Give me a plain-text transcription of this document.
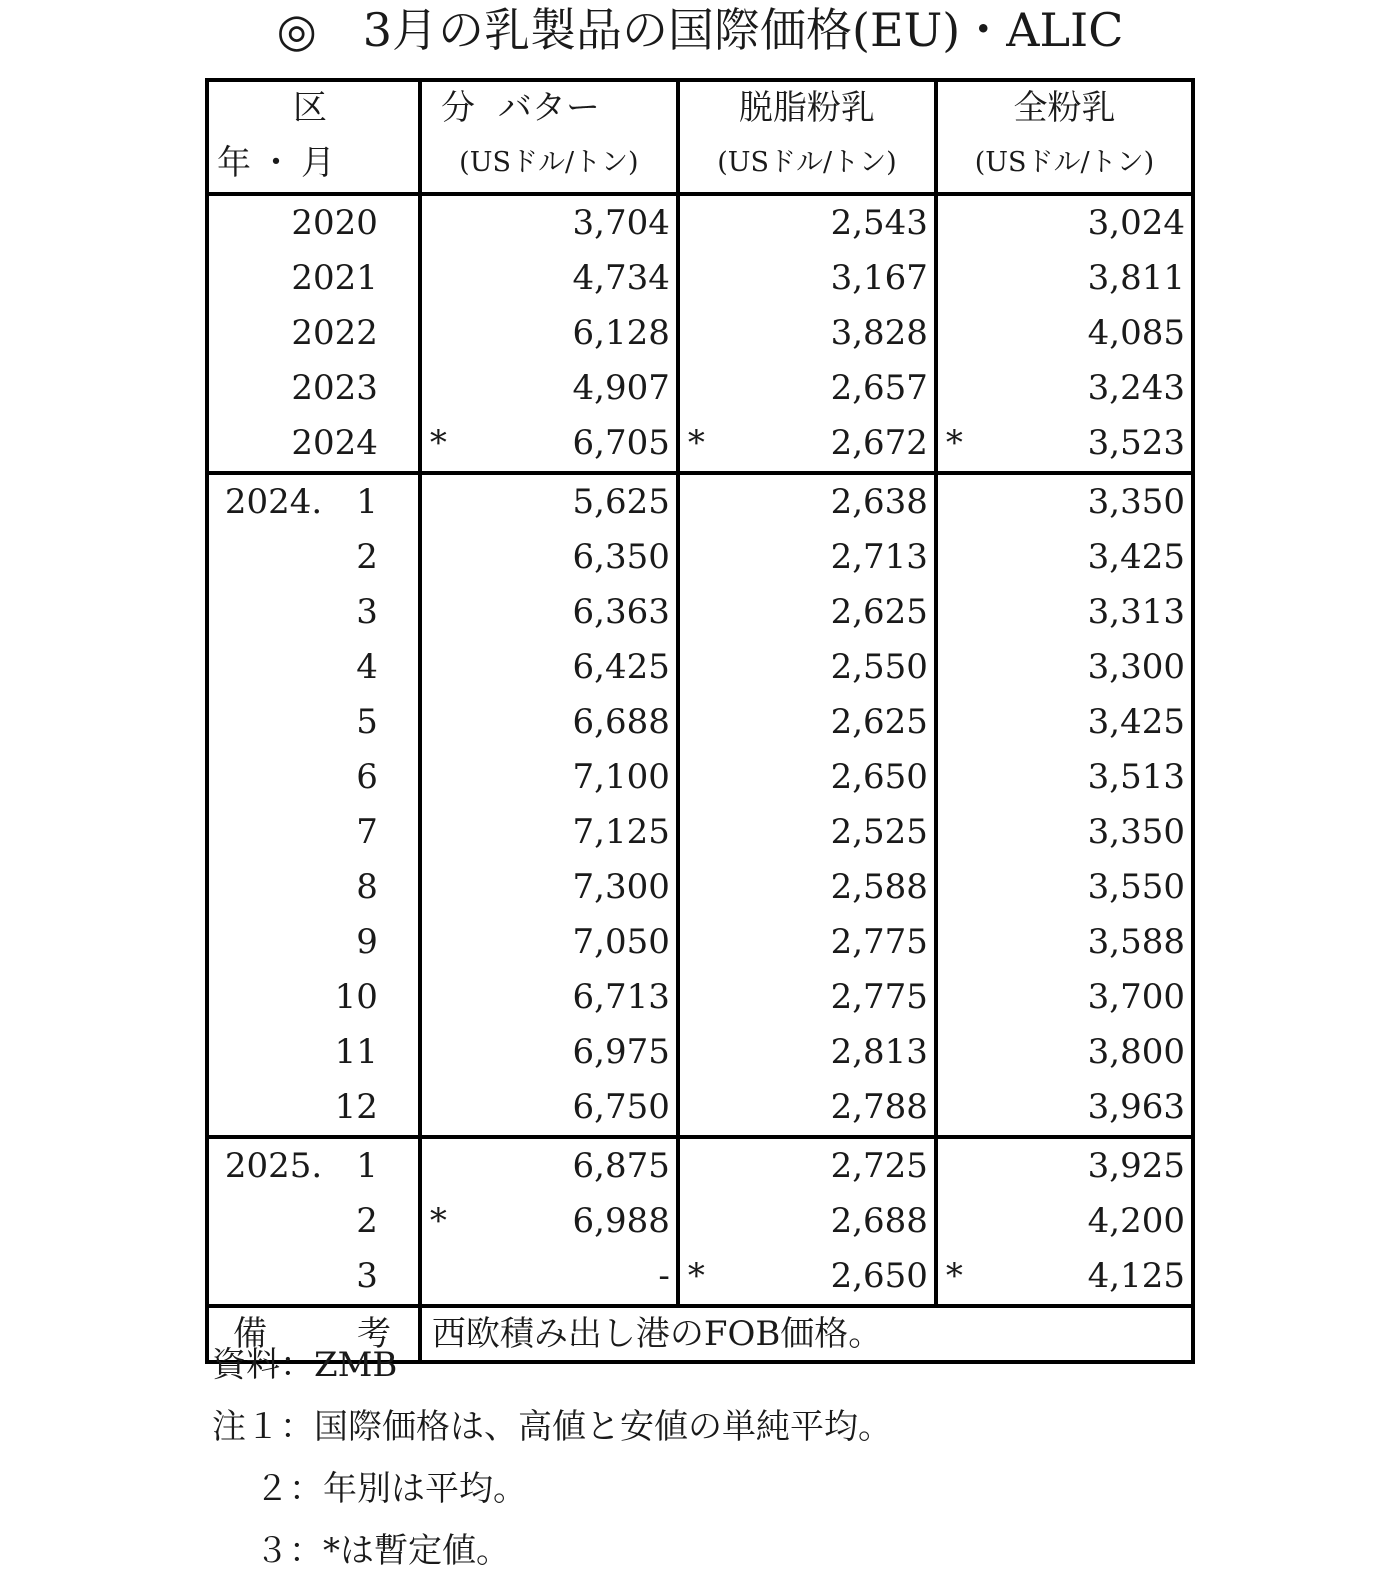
◎　3月の乳製品の国際価格(EU)・ALIC
区　分	バター	脱脂粉乳	全粉乳
年・月	(USドル/トン)	(USドル/トン)	(USドル/トン)
2020	3,704	2,543	3,024
2021	4,734	3,167	3,811
2022	6,128	3,828	4,085
2023	4,907	2,657	3,243
2024	* 6,705	* 2,672	* 3,523
2024.　1	5,625	2,638	3,350
2	6,350	2,713	3,425
3	6,363	2,625	3,313
4	6,425	2,550	3,300
5	6,688	2,625	3,425
6	7,100	2,650	3,513
7	7,125	2,525	3,350
8	7,300	2,588	3,550
9	7,050	2,775	3,588
10	6,713	2,775	3,700
11	6,975	2,813	3,800
12	6,750	2,788	3,963
2025.　1	6,875	2,725	3,925
2	* 6,988	2,688	4,200
3	-	* 2,650	* 4,125
備考	西欧積み出し港のFOB価格。		
資料：ZMB
注１：国際価格は、高値と安値の単純平均。
２：年別は平均。
３：*は暫定値。
